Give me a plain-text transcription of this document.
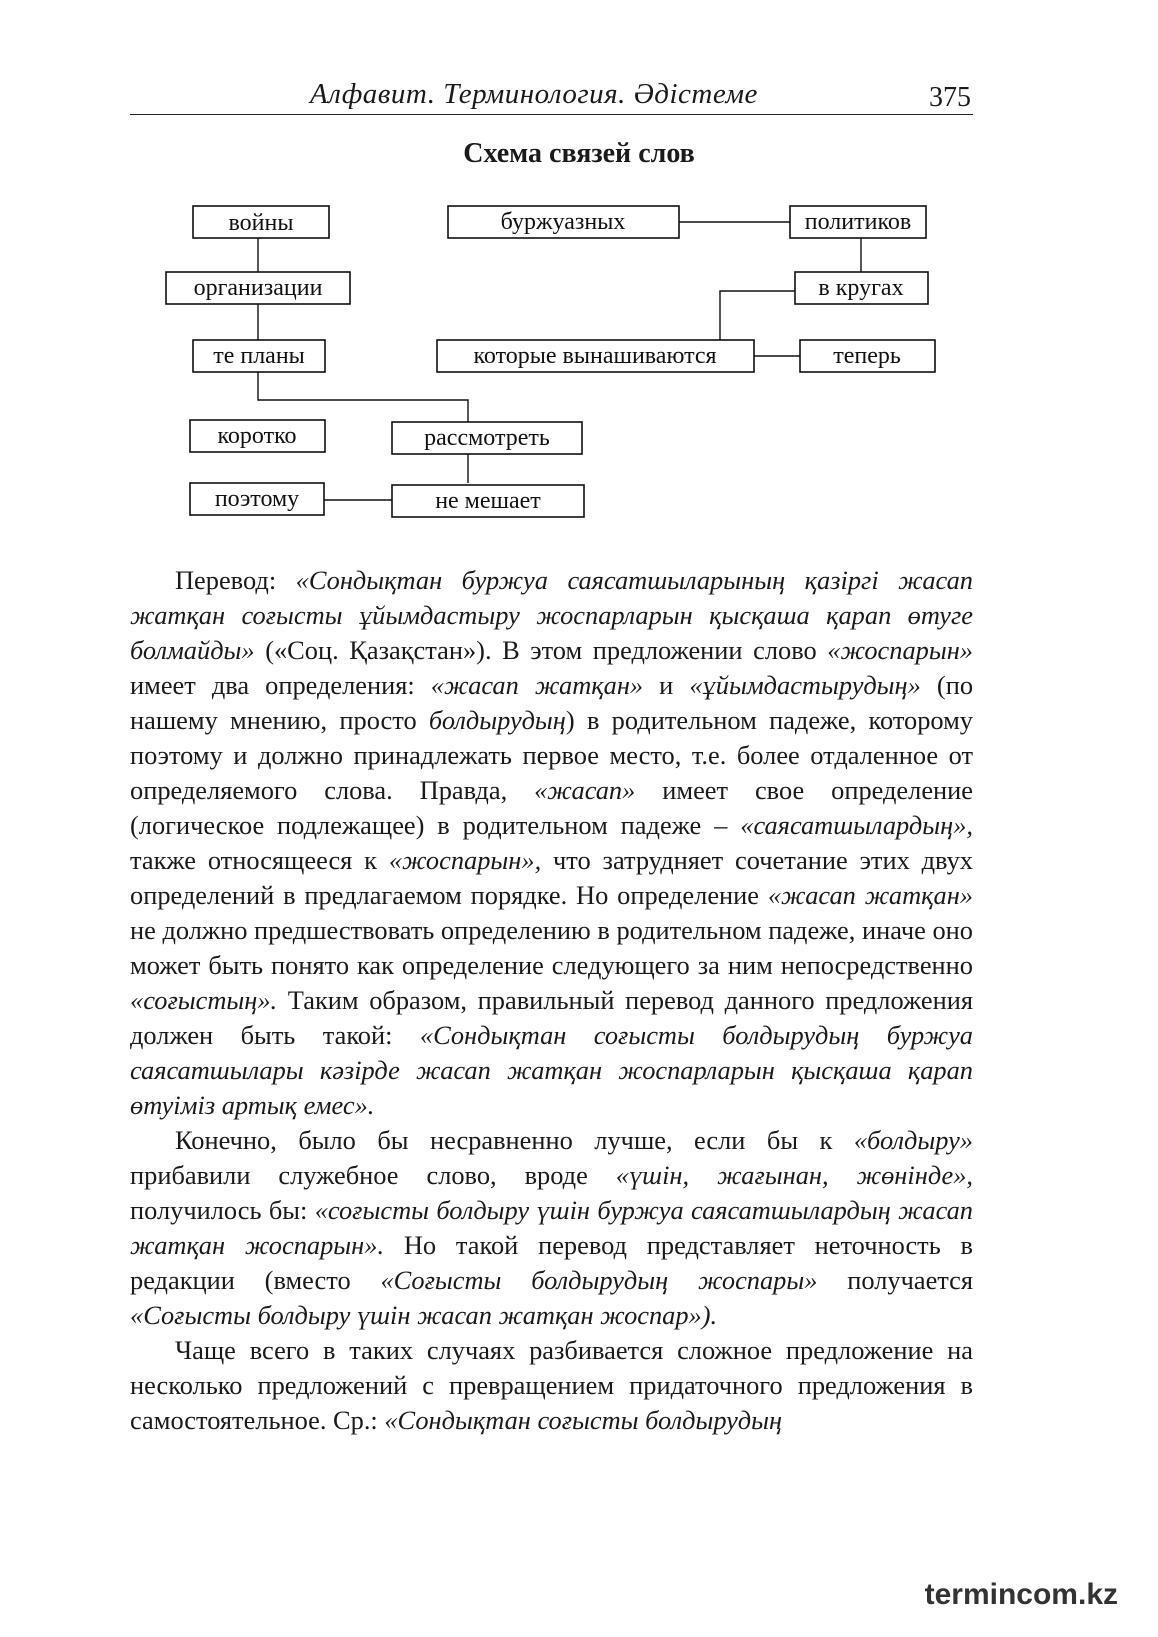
Алфавит. Терминология. Әдістеме	375
Схема связей слов
войны
организации
те планы
коротко	рассмотреть
поэтому	не мешает
буржуазных	политиков
в кругах
которые вынашиваются	теперь

Перевод: «Сондықтан буржуа саясатшыларының қазіргі жасап жатқан соғысты ұйымдастыру жоспарларын қысқаша қарап өтуге болмайды» («Соц. Қазақстан»). В этом предложении слово «жоспарын» имеет два определения: «жасап жатқан» и «ұйымдастырудың» (по нашему мнению, просто болдырудың) в родительном падеже, которому поэтому и должно принадлежать первое место, т.е. более отдаленное от определяемого слова. Правда, «жасап» имеет свое определение (логическое подлежащее) в родительном падеже – «саясатшылардың», также относящееся к «жоспарын», что затрудняет сочетание этих двух определений в предлагаемом порядке. Но определение «жасап жатқан» не должно предшествовать определению в родительном падеже, иначе оно может быть понято как определение следующего за ним непосредственно «соғыстың». Таким образом, правильный перевод данного предложения должен быть такой: «Сондықтан соғысты болдырудың буржуа саясатшылары кәзірде жасап жатқан жоспарларын қысқаша қарап өтуіміз артық емес».

Конечно, было бы несравненно лучше, если бы к «болдыру» прибавили служебное слово, вроде «үшін, жағынан, жөнінде», получилось бы: «соғысты болдыру үшін буржуа саясатшылардың жасап жатқан жоспарын». Но такой перевод представляет неточность в редакции (вместо «Соғысты болдырудың жоспары» получается «Соғысты болдыру үшін жасап жатқан жоспар»).

Чаще всего в таких случаях разбивается сложное предложение на несколько предложений с превращением придаточного предложения в самостоятельное. Ср.: «Сондықтан соғысты болдырудың

termincom.kz
